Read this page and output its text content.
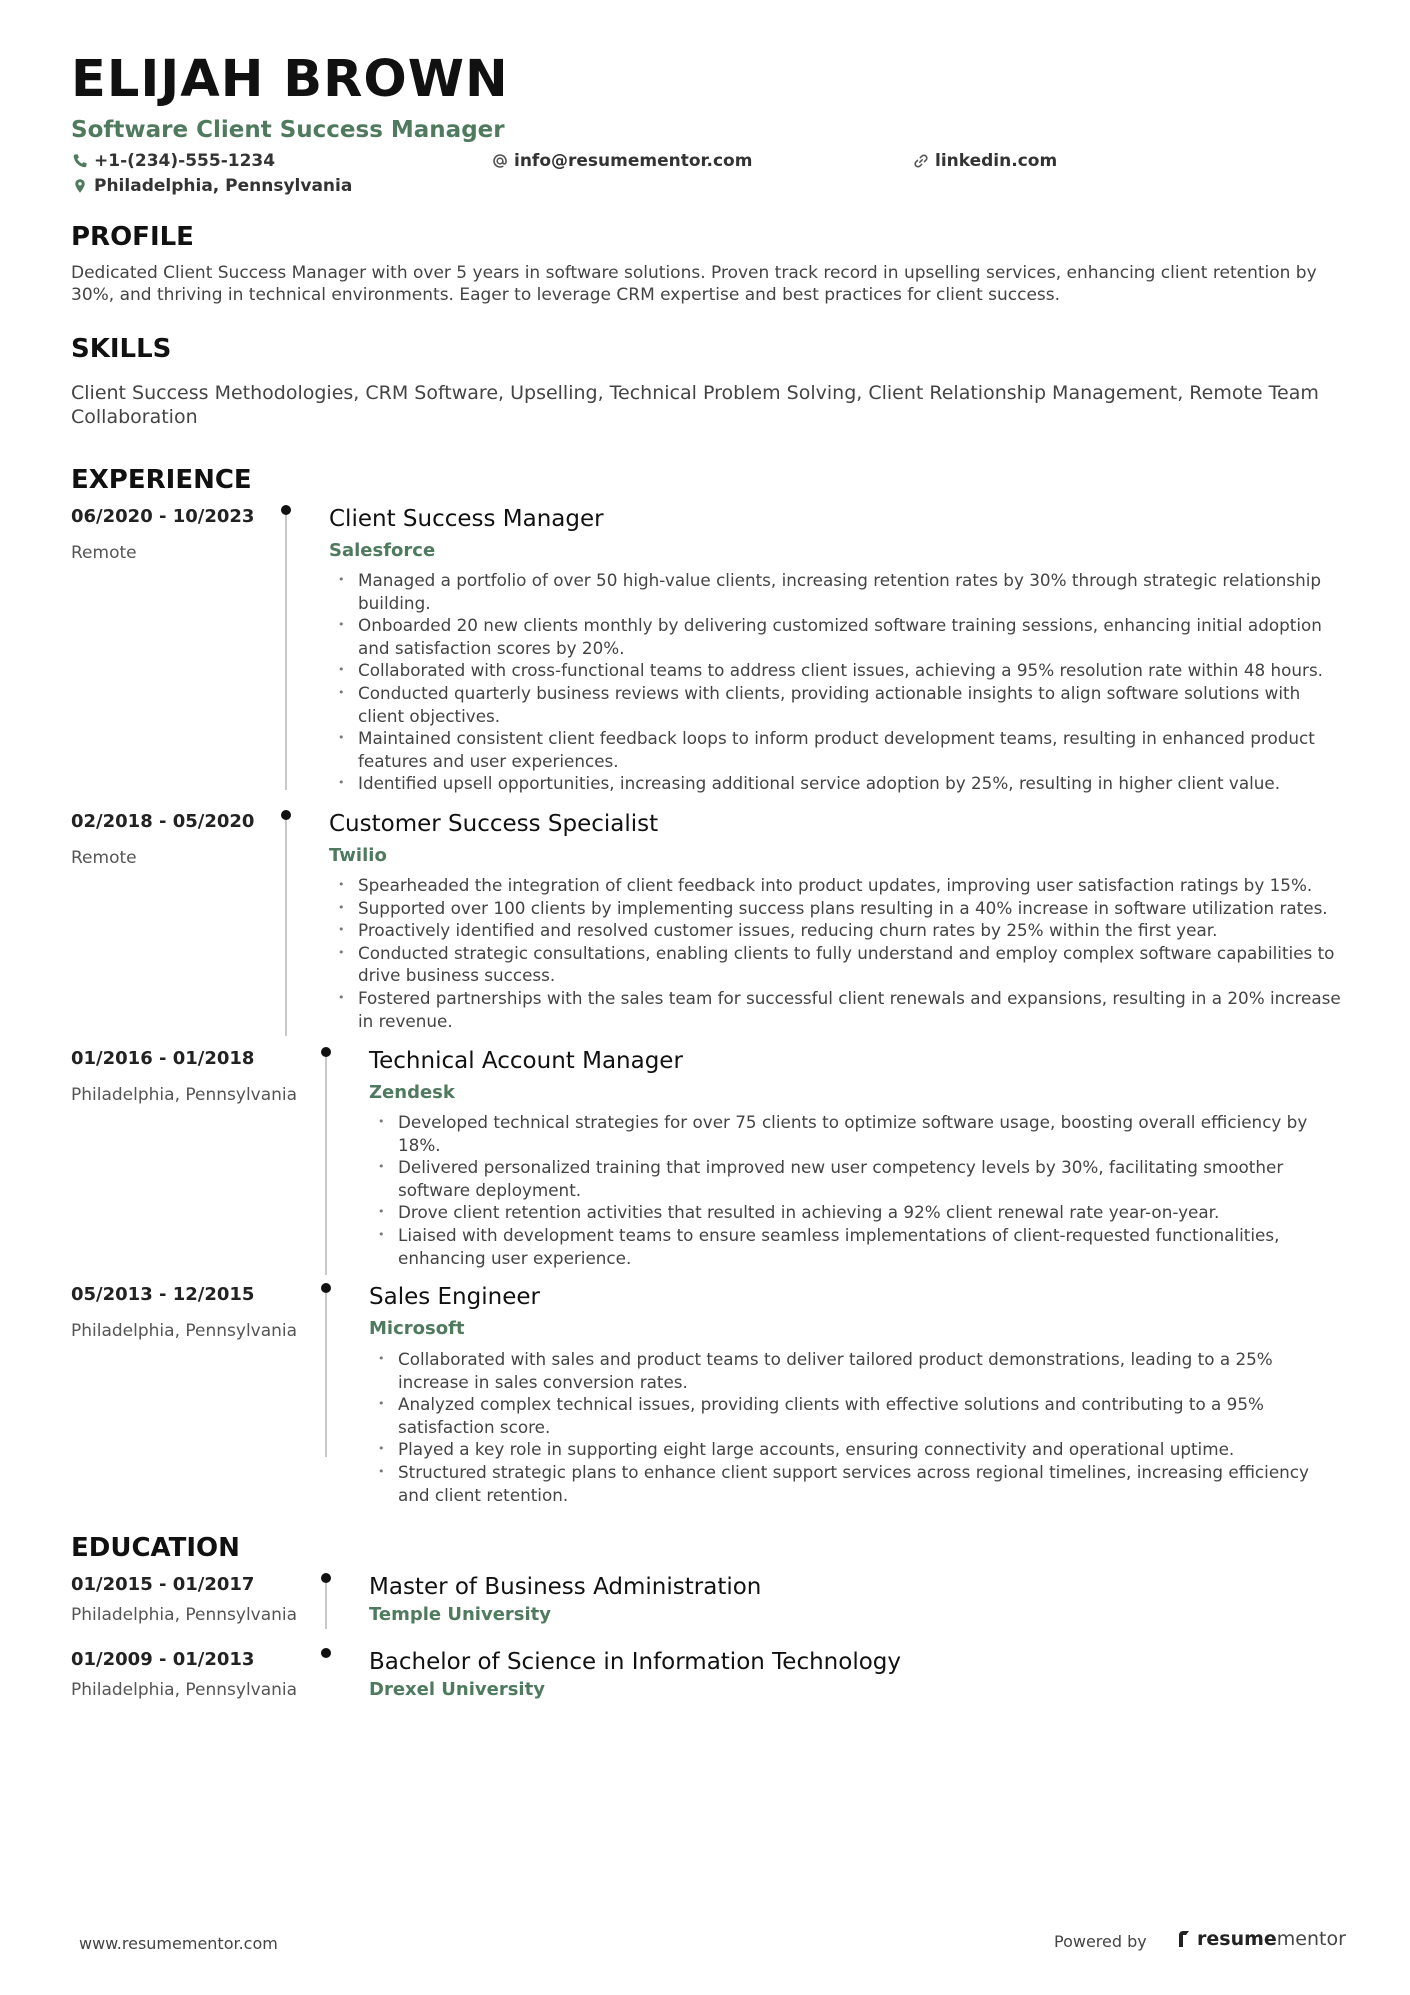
ELIJAH BROWN
Software Client Success Manager
+1-(234)-555-1234	info@resumementor.com	linkedin.com
Philadelphia, Pennsylvania
PROFILE

Dedicated Client Success Manager with over 5 years in software solutions. Proven track record in upselling services, enhancing client retention by 30%, and thriving in technical environments. Eager to leverage CRM expertise and best practices for client success.

SKILLS

Client Success Methodologies, CRM Software, Upselling, Technical Problem Solving, Client Relationship Management, Remote Team Collaboration

EXPERIENCE
06/2020 - 10/2023
Remote
Client Success Manager
Salesforce
• Managed a portfolio of over 50 high-value clients, increasing retention rates by 30% through strategic relationship building.
• Onboarded 20 new clients monthly by delivering customized software training sessions, enhancing initial adoption and satisfaction scores by 20%.
• Collaborated with cross-functional teams to address client issues, achieving a 95% resolution rate within 48 hours.
• Conducted quarterly business reviews with clients, providing actionable insights to align software solutions with client objectives.
• Maintained consistent client feedback loops to inform product development teams, resulting in enhanced product features and user experiences.
• Identified upsell opportunities, increasing additional service adoption by 25%, resulting in higher client value.
02/2018 - 05/2020
Remote
Customer Success Specialist
Twilio
• Spearheaded the integration of client feedback into product updates, improving user satisfaction ratings by 15%.
• Supported over 100 clients by implementing success plans resulting in a 40% increase in software utilization rates.
• Proactively identified and resolved customer issues, reducing churn rates by 25% within the first year.
• Conducted strategic consultations, enabling clients to fully understand and employ complex software capabilities to drive business success.
• Fostered partnerships with the sales team for successful client renewals and expansions, resulting in a 20% increase in revenue.
01/2016 - 01/2018
Philadelphia, Pennsylvania
Technical Account Manager
Zendesk
• Developed technical strategies for over 75 clients to optimize software usage, boosting overall efficiency by 18%.
• Delivered personalized training that improved new user competency levels by 30%, facilitating smoother software deployment.
• Drove client retention activities that resulted in achieving a 92% client renewal rate year-on-year.
• Liaised with development teams to ensure seamless implementations of client-requested functionalities, enhancing user experience.
05/2013 - 12/2015
Philadelphia, Pennsylvania
Sales Engineer
Microsoft
• Collaborated with sales and product teams to deliver tailored product demonstrations, leading to a 25% increase in sales conversion rates.
• Analyzed complex technical issues, providing clients with effective solutions and contributing to a 95% satisfaction score.
• Played a key role in supporting eight large accounts, ensuring connectivity and operational uptime.
• Structured strategic plans to enhance client support services across regional timelines, increasing efficiency and client retention.
EDUCATION
01/2015 - 01/2017
Philadelphia, Pennsylvania
Master of Business Administration
Temple University
01/2009 - 01/2013
Philadelphia, Pennsylvania
Bachelor of Science in Information Technology
Drexel University
www.resumementor.com	Powered by	resumementor
